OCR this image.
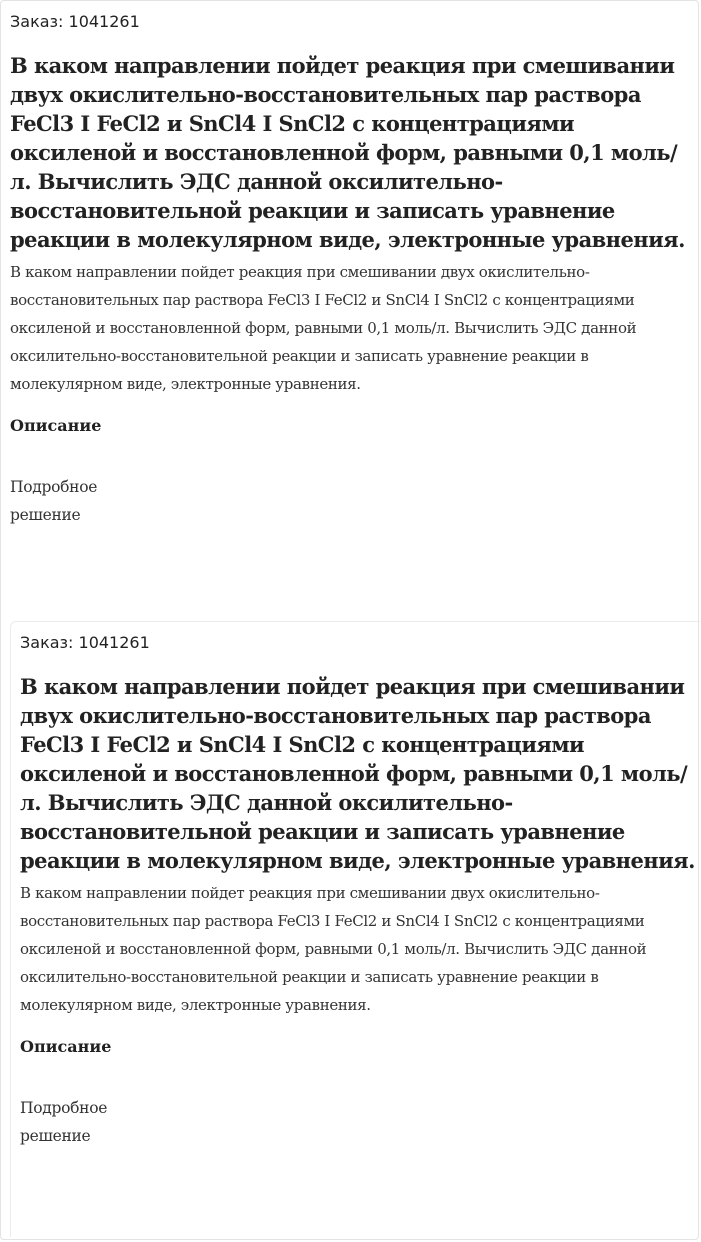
Заказ: 1041261
В каком направлении пойдет реакция при смешивании двух окислительно-восстановительных пар раствора FeCl3 I FeCl2 и SnCl4 I SnCl2 с концентрациями оксиленой и восстановленной форм, равными 0,1 моль/л. Вычислить ЭДС данной оксилительно-восстановительной реакции и записать уравнение реакции в молекулярном виде, электронные уравнения.

В каком направлении пойдет реакция при смешивании двух окислительно-восстановительных пар раствора FeCl3 I FeCl2 и SnCl4 I SnCl2 с концентрациями оксиленой и восстановленной форм, равными 0,1 моль/л. Вычислить ЭДС данной оксилительно-восстановительной реакции и записать уравнение реакции в молекулярном виде, электронные уравнения.

Описание

Подробное решение

Заказ: 1041261
В каком направлении пойдет реакция при смешивании двух окислительно-восстановительных пар раствора FeCl3 I FeCl2 и SnCl4 I SnCl2 с концентрациями оксиленой и восстановленной форм, равными 0,1 моль/л. Вычислить ЭДС данной оксилительно-восстановительной реакции и записать уравнение реакции в молекулярном виде, электронные уравнения.

В каком направлении пойдет реакция при смешивании двух окислительно-восстановительных пар раствора FeCl3 I FeCl2 и SnCl4 I SnCl2 с концентрациями оксиленой и восстановленной форм, равными 0,1 моль/л. Вычислить ЭДС данной оксилительно-восстановительной реакции и записать уравнение реакции в молекулярном виде, электронные уравнения.

Описание

Подробное решение
